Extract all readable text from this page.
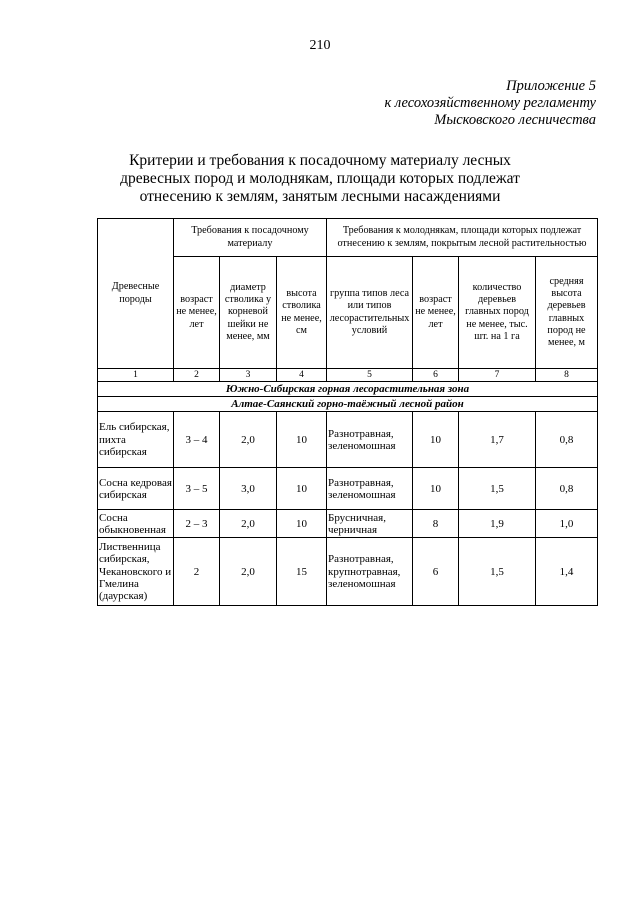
210
Приложение 5
к лесохозяйственному регламенту
Мысковского лесничества
Критерии и требования к посадочному материалу лесных
древесных пород и молоднякам, площади которых подлежат
отнесению к землям, занятым лесными насаждениями
Древесные породы	Требования к посадочному материалу			Требования к молоднякам, площади которых подлежат отнесению к землям, покрытым лесной растительностью			
	возраст не менее, лет	диаметр стволика у корневой шейки не менее, мм	высота стволика не менее, см	группа типов леса или типов лесорастительных условий	возраст не менее, лет	количество деревьев главных пород не менее, тыс. шт. на 1 га	средняя высота деревьев главных пород не менее, м
1	2	3	4	5	6	7	8
Южно-Сибирская горная лесорастительная зона							
Алтае-Саянский горно-таёжный лесной район							
Ель сибирская, пихта сибирская	3 – 4	2,0	10	Разнотравная, зеленомошная	10	1,7	0,8
Сосна кедровая сибирская	3 – 5	3,0	10	Разнотравная, зеленомошная	10	1,5	0,8
Сосна обыкновенная	2 – 3	2,0	10	Брусничная, черничная	8	1,9	1,0
Лиственница сибирская, Чекановского и Гмелина (даурская)	2	2,0	15	Разнотравная, крупнотравная, зеленомошная	6	1,5	1,4
